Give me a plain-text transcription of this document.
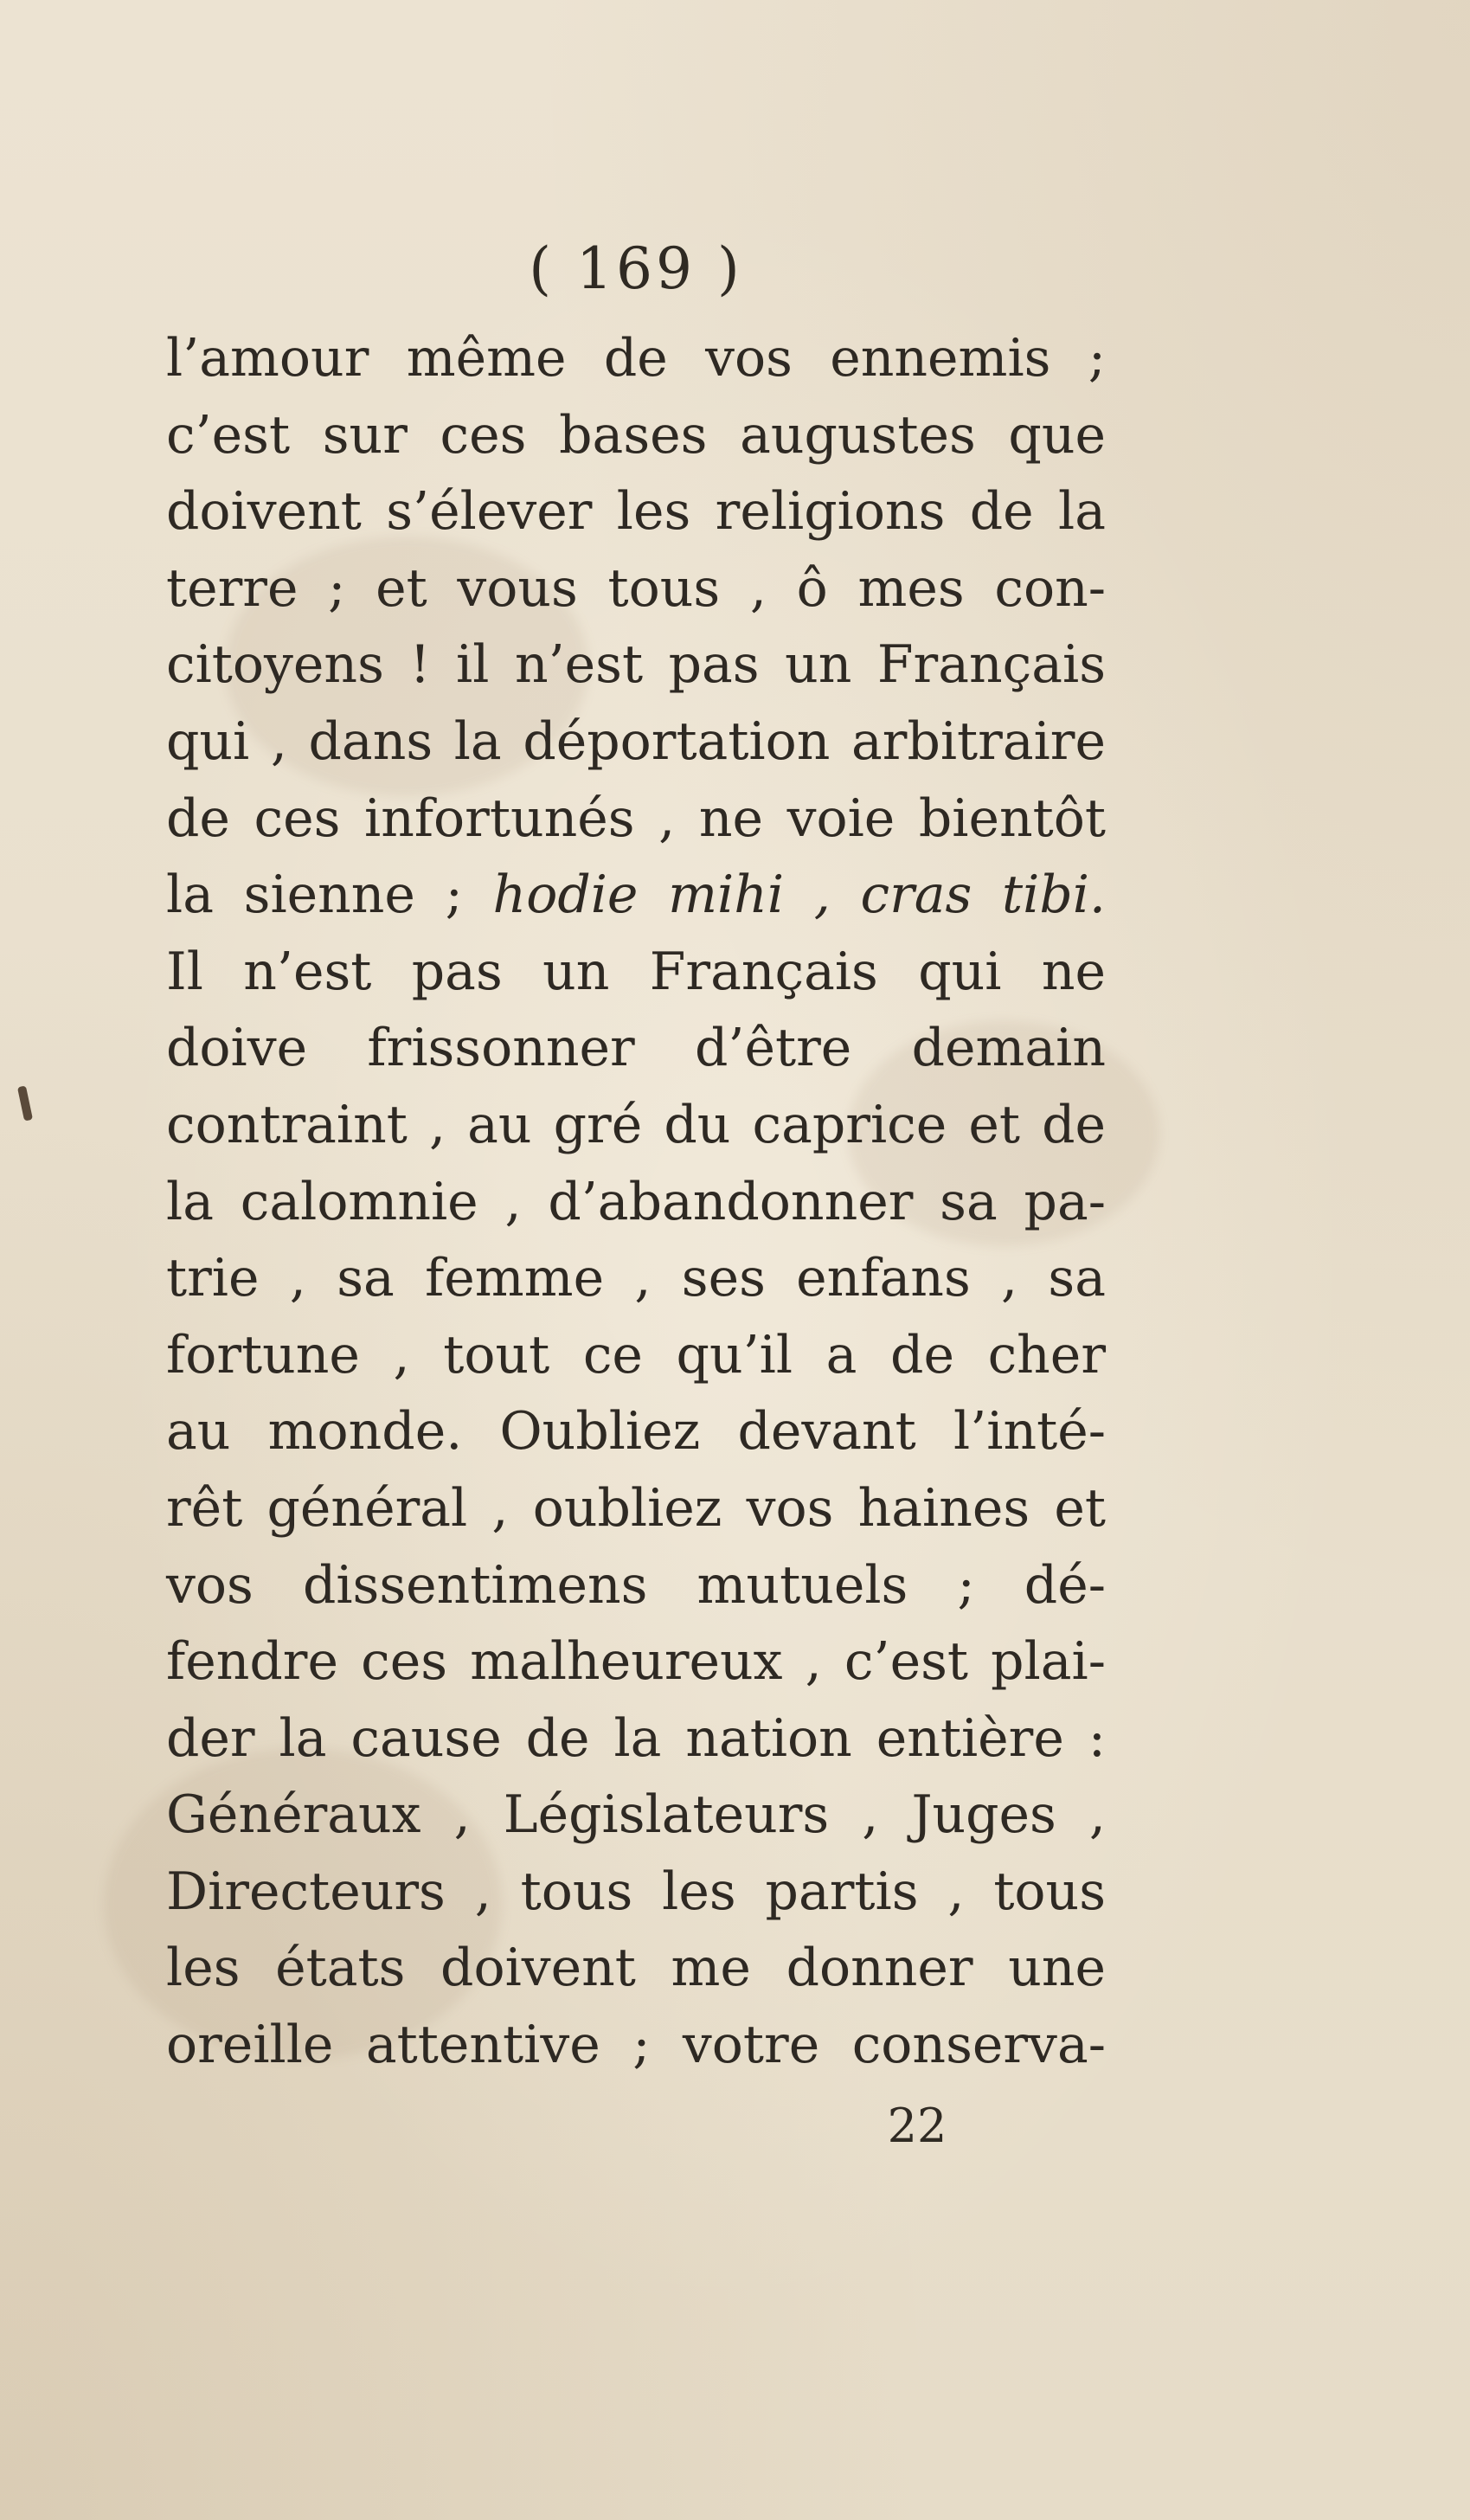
( 169 )
l’amour même de vos ennemis ;
c’est sur ces bases augustes que
doivent s’élever les religions de la
terre ; et vous tous , ô mes con-
citoyens ! il n’est pas un Français
qui , dans la déportation arbitraire
de ces infortunés , ne voie bientôt
la sienne ; hodie mihi , cras tibi.
Il n’est pas un Français qui ne
doive frissonner d’être demain
contraint , au gré du caprice et de
la calomnie , d’abandonner sa pa-
trie , sa femme , ses enfans , sa
fortune , tout ce qu’il a de cher
au monde. Oubliez devant l’inté-
rêt général , oubliez vos haines et
vos dissentimens mutuels ; dé-
fendre ces malheureux , c’est plai-
der la cause de la nation entière :
Généraux , Législateurs , Juges ,
Directeurs , tous les partis , tous
les états doivent me donner une
oreille attentive ; votre conserva-
22
